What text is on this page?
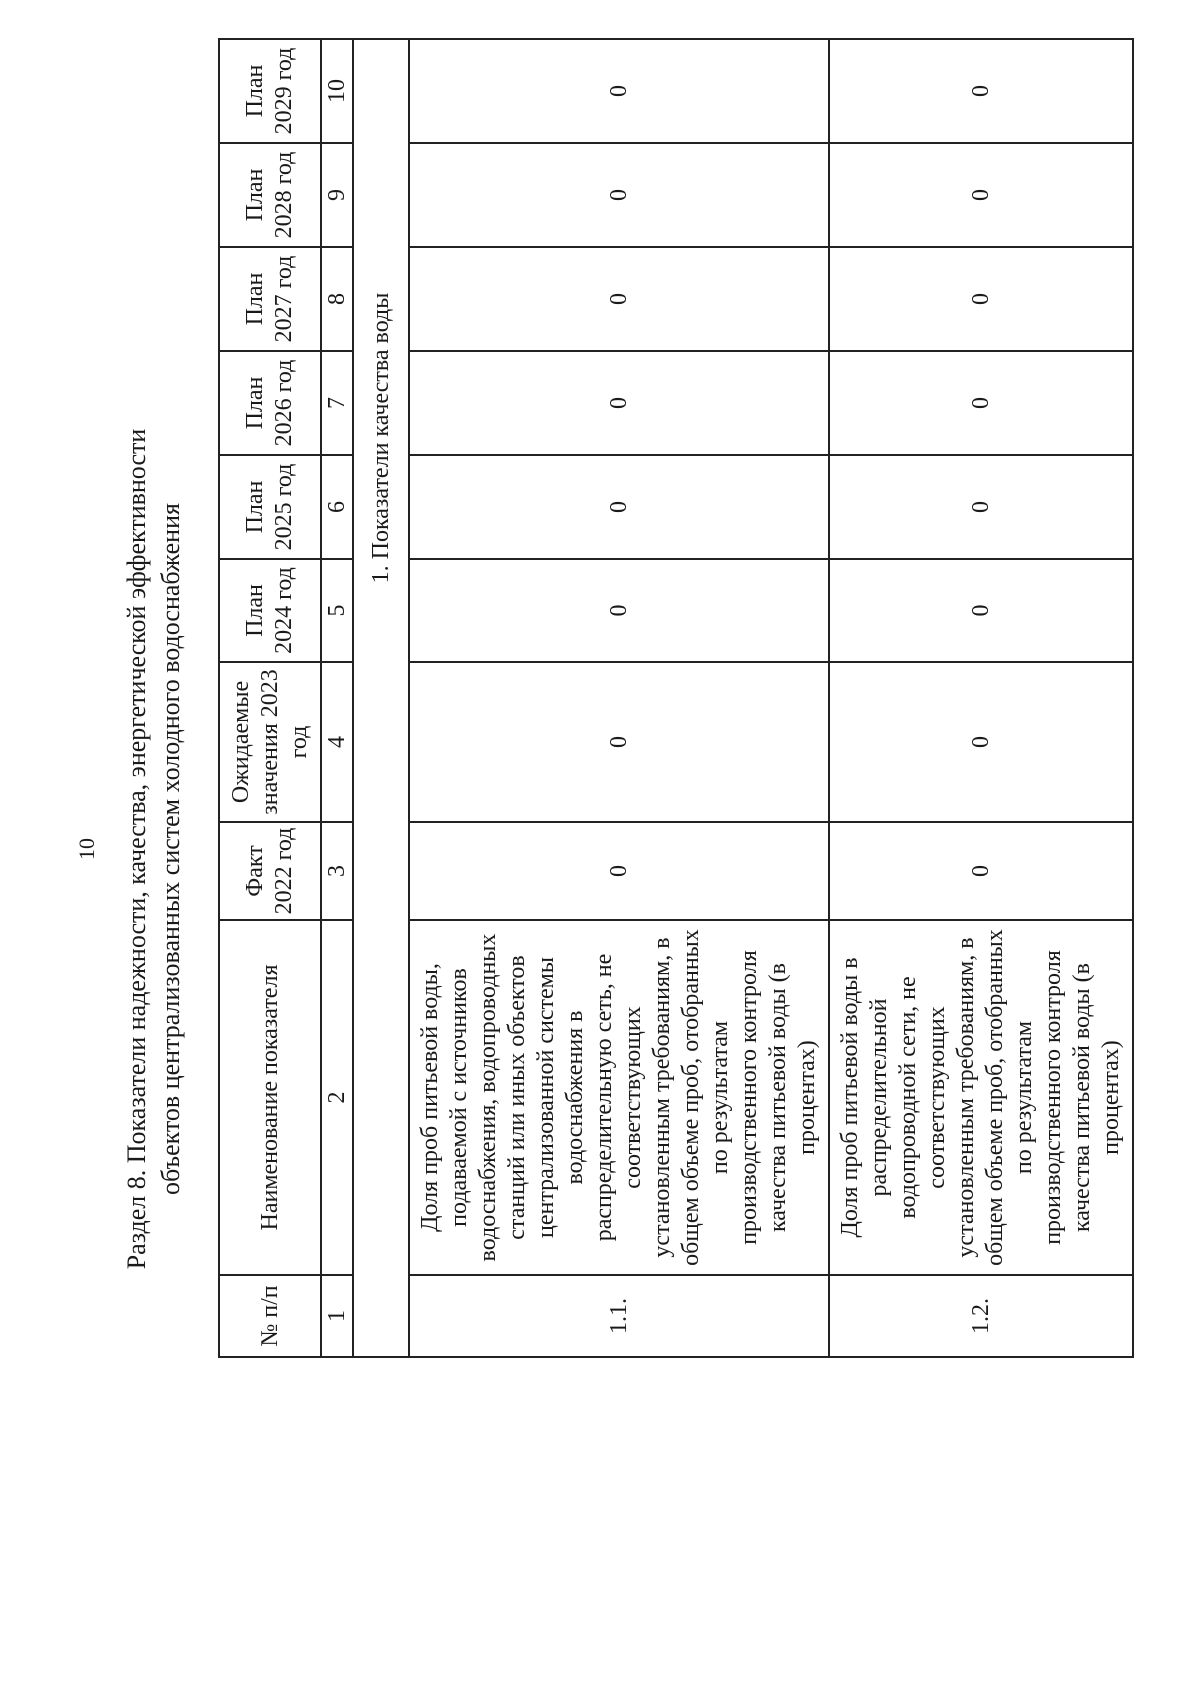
10 Раздел 8. Показатели надежности, качества, энергетической эффективности объектов централизованных систем холодного водоснабжения
№ п/п	Наименование показателя	Факт 2022 год	Ожидаемые значения 2023 год	План 2024 год	План 2025 год	План 2026 год	План 2027 год	План 2028 год	План 2029 год
1	2	3	4	5	6	7	8	9	10
1. Показатели качества воды									
1.1.	Доля проб питьевой воды, подаваемой с источников водоснабжения, водопроводных станций или иных объектов централизованной системы водоснабжения в распределительную сеть, не соответствующих установленным требованиям, в общем объеме проб, отобранных по результатам производственного контроля качества питьевой воды (в процентах)	0	0	0	0	0	0	0	0
1.2.	Доля проб питьевой воды в распределительной водопроводной сети, не соответствующих установленным требованиям, в общем объеме проб, отобранных по результатам производственного контроля качества питьевой воды (в процентах)	0	0	0	0	0	0	0	0
